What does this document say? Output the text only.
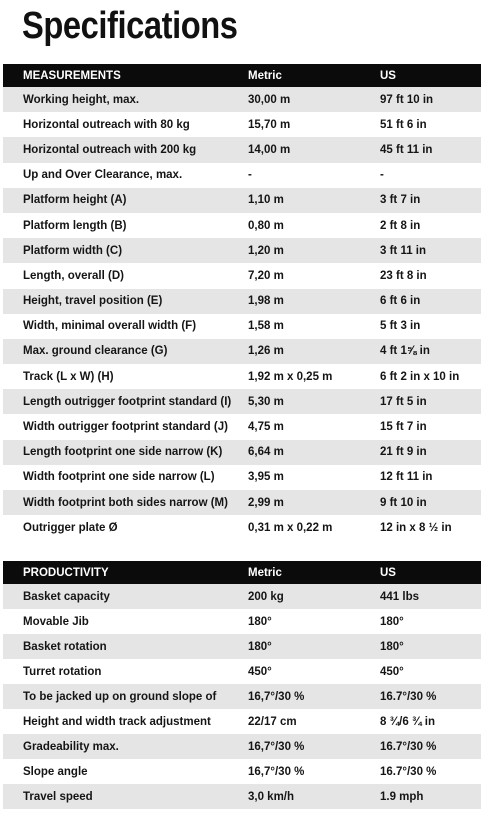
Specifications
MEASUREMENTS	Metric	US
Working height, max.	30,00 m	97 ft 10 in
Horizontal outreach with 80 kg	15,70 m	51 ft 6 in
Horizontal outreach with 200 kg	14,00 m	45 ft 11 in
Up and Over Clearance, max.	-	-
Platform height (A)	1,10 m	3 ft 7 in
Platform length (B)	0,80 m	2 ft 8 in
Platform width (C)	1,20 m	3 ft 11 in
Length, overall (D)	7,20 m	23 ft 8 in
Height, travel position (E)	1,98 m	6 ft 6 in
Width, minimal overall width (F)	1,58 m	5 ft 3 in
Max. ground clearance (G)	1,26 m	4 ft 1⅝ in
Track (L x W) (H)	1,92 m x 0,25 m	6 ft 2 in x 10 in
Length outrigger footprint standard (I)	5,30 m	17 ft 5 in
Width outrigger footprint standard (J)	4,75 m	15 ft 7 in
Length footprint one side narrow (K)	6,64 m	21 ft 9 in
Width footprint one side narrow (L)	3,95 m	12 ft 11 in
Width footprint both sides narrow (M)	2,99 m	9 ft 10 in
Outrigger plate Ø	0,31 m x 0,22 m	12 in x 8 ½ in
PRODUCTIVITY	Metric	US
Basket capacity	200 kg	441 lbs
Movable Jib	180°	180°
Basket rotation	180°	180°
Turret rotation	450°	450°
To be jacked up on ground slope of	16,7°/30 %	16.7°/30 %
Height and width track adjustment	22/17 cm	8 ¾/6 ¾ in
Gradeability max.	16,7°/30 %	16.7°/30 %
Slope angle	16,7°/30 %	16.7°/30 %
Travel speed	3,0 km/h	1.9 mph
